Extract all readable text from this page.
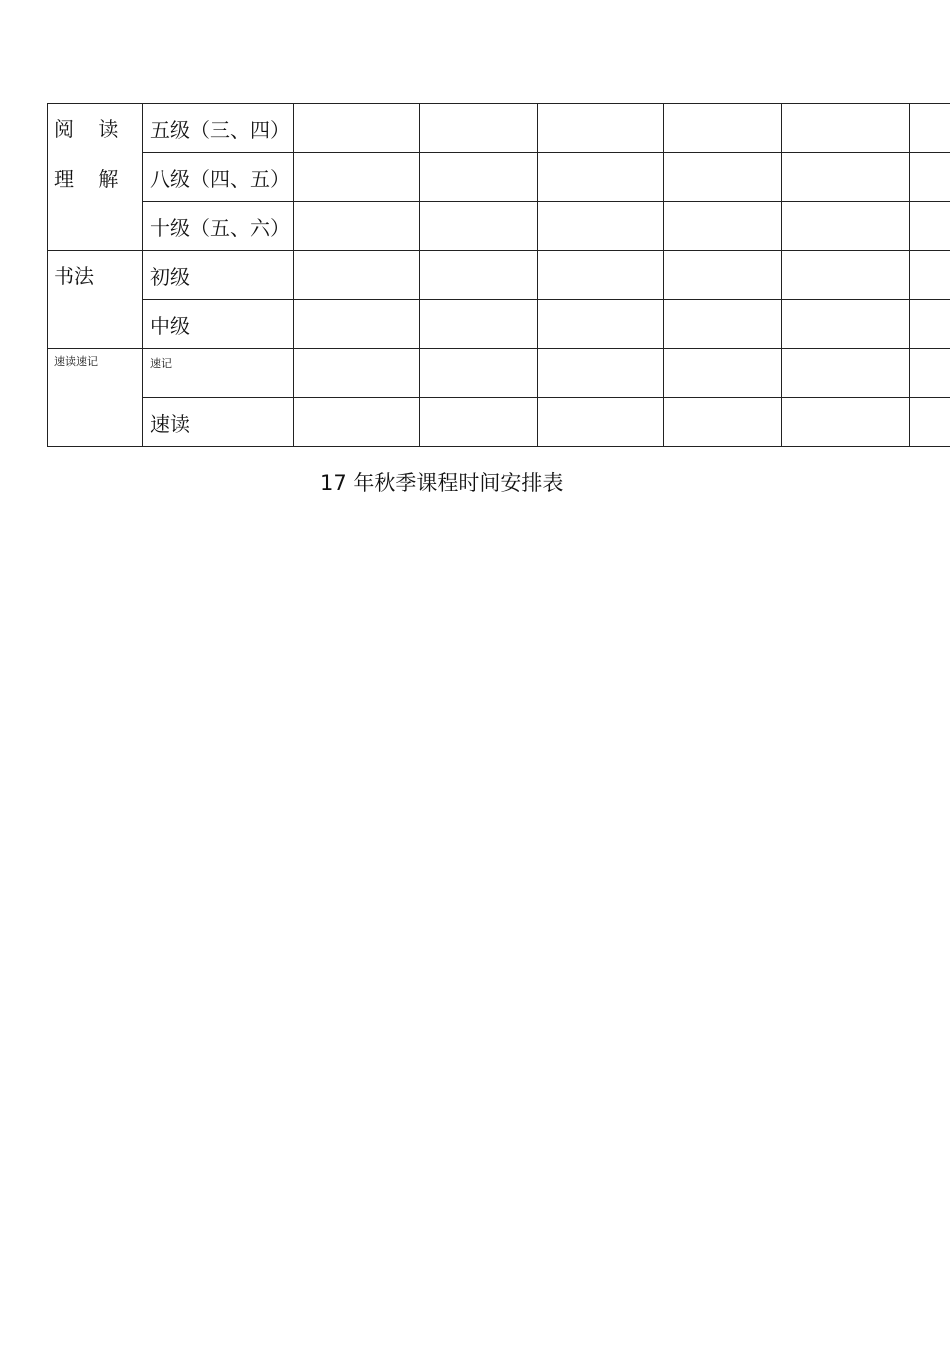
阅 读 理 解	五级（三、四）						
	八级（四、五）						
	十级（五、六）						
书法	初级						
	中级						
速读速记	速记						
	速读						
17 年秋季课程时间安排表
